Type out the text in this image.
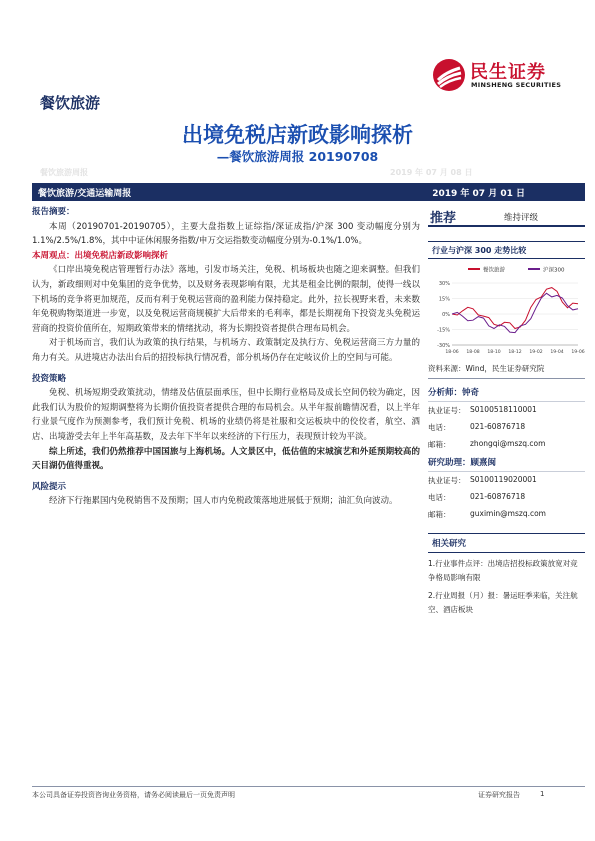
民生证券
MINSHENG SECURITIES
餐饮旅游
出境免税店新政影响探析
—餐饮旅游周报 20190708
餐饮旅游周报	2019 年 07 月 08 日
餐饮旅游/交通运输周报	2019 年 07 月 01 日

报告摘要：

本周（20190701-20190705），主要大盘指数上证综指/深证成指/沪深 300 变动幅度分别为 1.1%/2.5%/1.8%，其中中证休闲服务指数/申万交运指数变动幅度分别为-0.1%/1.0%。

本周观点：出境免税店新政影响探析

《口岸出境免税店管理暂行办法》落地，引发市场关注，免税、机场板块也随之迎来调整。但我们认为，新政细则对中免集团的竞争优势，以及财务表现影响有限，尤其是租金比例的限制，使得一线以下机场的竞争将更加规范，反而有利于免税运营商的盈利能力保持稳定。此外，拉长视野来看，未来数年免税购物渠道进一步宽，以及免税运营商规模扩大后带来的毛利率，都是长期视角下投资龙头免税运营商的投资价值所在，短期政策带来的情绪扰动，将为长期投资者提供合理布局机会。

对于机场而言，我们认为政策的执行结果，与机场方、政策制定及执行方、免税运营商三方力量的角力有关。从进境店办法出台后的招投标执行情况看，部分机场仍存在定岐议价上的空间与可能。

投资策略

免税、机场短期受政策扰动，情绪及估值层面承压，但中长期行业格局及成长空间仍较为确定，因此我们认为股价的短期调整将为长期价值投资者提供合理的布局机会。从半年报前瞻情况看，以上半年行业景气度作为预测参考，我们预计免税、机场的业绩仍将是社服和交运板块中的佼佼者，航空、酒店、出境游受去年上半年高基数，及去年下半年以来经济的下行压力，表现预计较为平淡。

综上所述，我们仍然推荐中国国旅与上海机场。人文景区中，低估值的宋城演艺和外延预期较高的天目湖仍值得重视。

风险提示

经济下行拖累国内免税销售不及预期；国人市内免税政策落地进展低于预期；油汇负向波动。

推荐	维持评级
行业与沪深 300 走势比较
餐饮旅游	沪深300
30%
15%
0%
-15%
-30%
18-06 18-08 18-10 18-12 19-02 19-04 19-06
资料来源：Wind，民生证券研究院
分析师：钟奇
执业证号： S0100518110001
电话：	021-60876718
邮箱：	zhongqi@mszq.com
研究助理：顾熹闽
执业证号： S0100119020001
电话：	021-60876718
邮箱：	guximin@mszq.com
相关研究
1.行业事件点评：出境店招投标政策放宽对竞争格局影响有限
2.行业周报（月）报：暑运旺季来临，关注航空、酒店板块
本公司具备证券投资咨询业务资格，请务必阅读最后一页免责声明	证券研究报告	1
